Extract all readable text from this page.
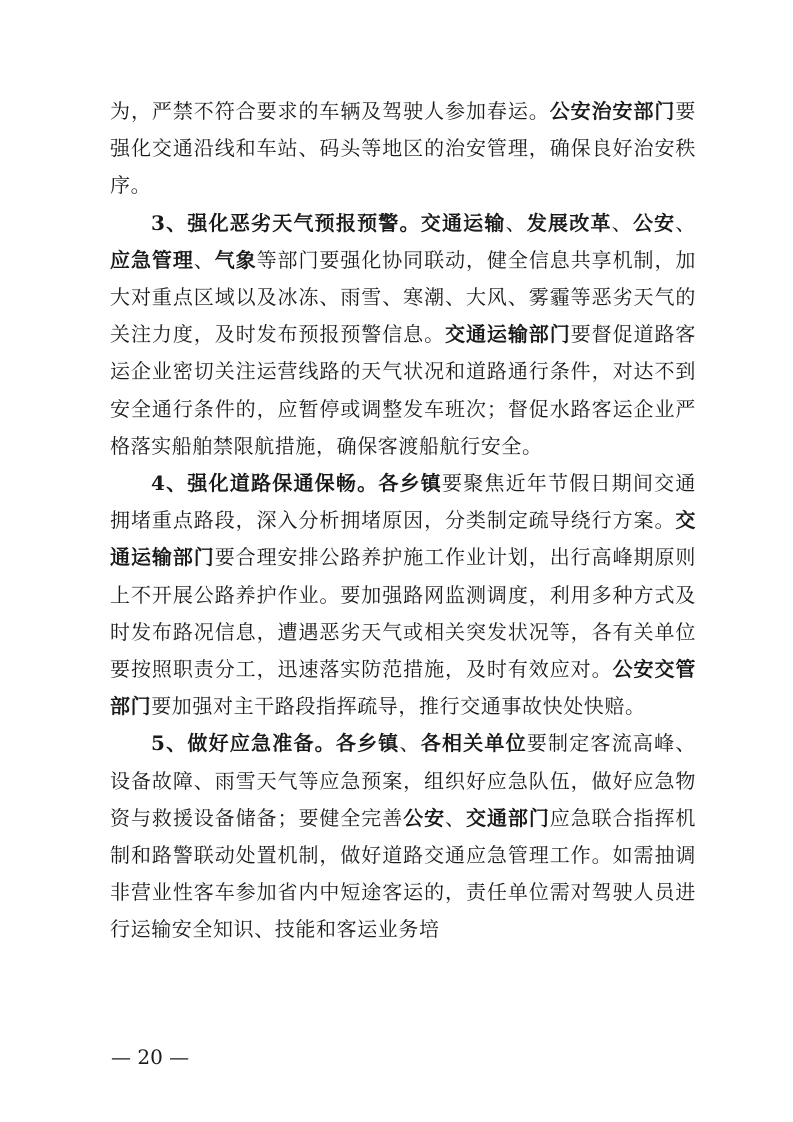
为，严禁不符合要求的车辆及驾驶人参加春运。公安治安部门要强化交通沿线和车站、码头等地区的治安管理，确保良好治安秩序。

3、强化恶劣天气预报预警。交通运输、发展改革、公安、应急管理、气象等部门要强化协同联动，健全信息共享机制，加大对重点区域以及冰冻、雨雪、寒潮、大风、雾霾等恶劣天气的关注力度，及时发布预报预警信息。交通运输部门要督促道路客运企业密切关注运营线路的天气状况和道路通行条件，对达不到安全通行条件的，应暂停或调整发车班次；督促水路客运企业严格落实船舶禁限航措施，确保客渡船航行安全。

4、强化道路保通保畅。各乡镇要聚焦近年节假日期间交通拥堵重点路段，深入分析拥堵原因，分类制定疏导绕行方案。交通运输部门要合理安排公路养护施工作业计划，出行高峰期原则上不开展公路养护作业。要加强路网监测调度，利用多种方式及时发布路况信息，遭遇恶劣天气或相关突发状况等，各有关单位要按照职责分工，迅速落实防范措施，及时有效应对。公安交管部门要加强对主干路段指挥疏导，推行交通事故快处快赔。

5、做好应急准备。各乡镇、各相关单位要制定客流高峰、设备故障、雨雪天气等应急预案，组织好应急队伍，做好应急物资与救援设备储备；要健全完善公安、交通部门应急联合指挥机制和路警联动处置机制，做好道路交通应急管理工作。如需抽调非营业性客车参加省内中短途客运的，责任单位需对驾驶人员进行运输安全知识、技能和客运业务培

— 20 —
